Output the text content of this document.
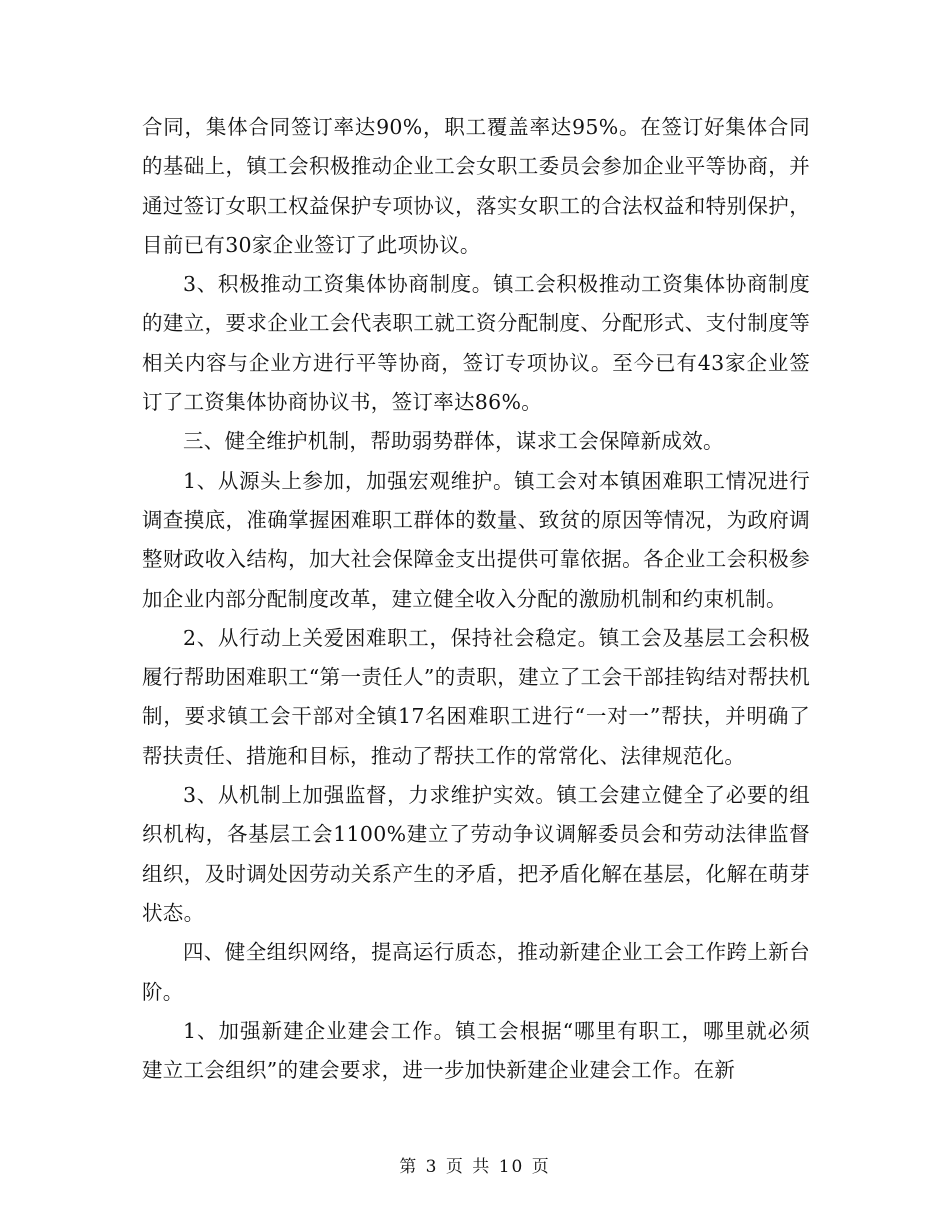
合同，集体合同签订率达90%，职工覆盖率达95%。在签订好集体合同的基础上，镇工会积极推动企业工会女职工委员会参加企业平等协商，并通过签订女职工权益保护专项协议，落实女职工的合法权益和特别保护，目前已有30家企业签订了此项协议。

3、积极推动工资集体协商制度。镇工会积极推动工资集体协商制度的建立，要求企业工会代表职工就工资分配制度、分配形式、支付制度等相关内容与企业方进行平等协商，签订专项协议。至今已有43家企业签订了工资集体协商协议书，签订率达86%。

三、健全维护机制，帮助弱势群体，谋求工会保障新成效。

1、从源头上参加，加强宏观维护。镇工会对本镇困难职工情况进行调查摸底，准确掌握困难职工群体的数量、致贫的原因等情况，为政府调整财政收入结构，加大社会保障金支出提供可靠依据。各企业工会积极参加企业内部分配制度改革，建立健全收入分配的激励机制和约束机制。

2、从行动上关爱困难职工，保持社会稳定。镇工会及基层工会积极履行帮助困难职工“第一责任人”的责职，建立了工会干部挂钩结对帮扶机制，要求镇工会干部对全镇17名困难职工进行“一对一”帮扶，并明确了帮扶责任、措施和目标，推动了帮扶工作的常常化、法律规范化。

3、从机制上加强监督，力求维护实效。镇工会建立健全了必要的组织机构，各基层工会1100%建立了劳动争议调解委员会和劳动法律监督组织，及时调处因劳动关系产生的矛盾，把矛盾化解在基层，化解在萌芽状态。

四、健全组织网络，提高运行质态，推动新建企业工会工作跨上新台阶。

1、加强新建企业建会工作。镇工会根据“哪里有职工，哪里就必须建立工会组织”的建会要求，进一步加快新建企业建会工作。在新

第 3 页 共 10 页
